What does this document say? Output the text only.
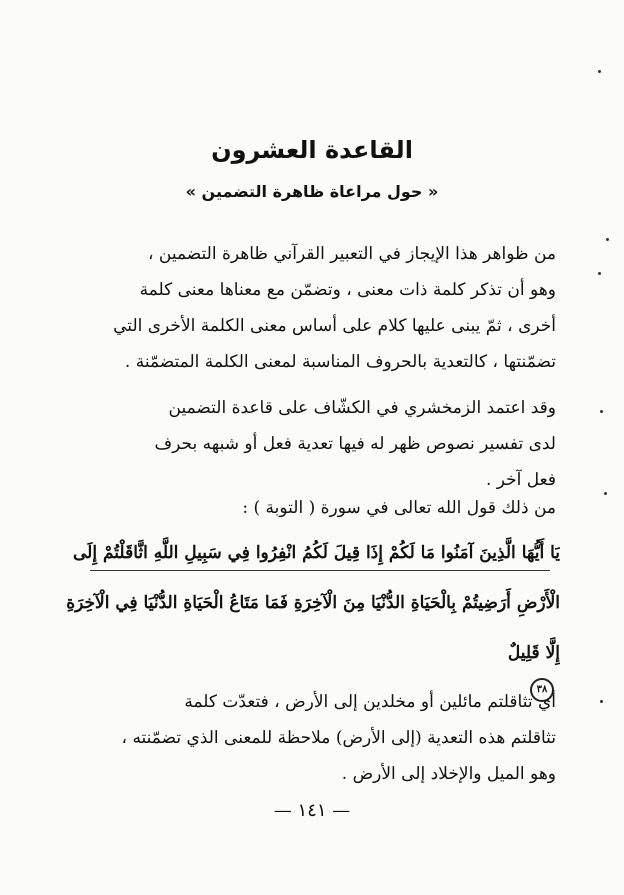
القاعدة العشرون
« حول مراعاة ظاهرة التضمين »
من ظواهر هذا الإيجاز في التعبير القرآني ظاهرة التضمين ،
وهو أن تذكر كلمة ذات معنى ، وتضمّن مع معناها معنى كلمة
أخرى ، ثمّ يبنى عليها كلام على أساس معنى الكلمة الأخرى التي
تضمّنتها ، كالتعدية بالحروف المناسبة لمعنى الكلمة المتضمّنة .
وقد اعتمد الزمخشري في الكشّاف على قاعدة التضمين
لدى تفسير نصوص ظهر له فيها تعدية فعل أو شبهه بحرف
فعل آخر .
من ذلك قول الله تعالى في سورة ( التوبة ) :
يَا أَيُّهَا الَّذِينَ آمَنُوا مَا لَكُمْ إِذَا قِيلَ لَكُمُ انْفِرُوا فِي سَبِيلِ اللَّهِ اثَّاقَلْتُمْ إِلَى
الْأَرْضِ أَرَضِيتُمْ بِالْحَيَاةِ الدُّنْيَا مِنَ الْآخِرَةِ فَمَا مَتَاعُ الْحَيَاةِ الدُّنْيَا فِي الْآخِرَةِ
إِلَّا قَلِيلٌ
٣٨
أي تثاقلتم مائلين أو مخلدين إلى الأرض ، فتعدّت كلمة
تثاقلتم هذه التعدية (إلى الأرض) ملاحظة للمعنى الذي تضمّنته ،
وهو الميل والإخلاد إلى الأرض .
— ١٤١ —
